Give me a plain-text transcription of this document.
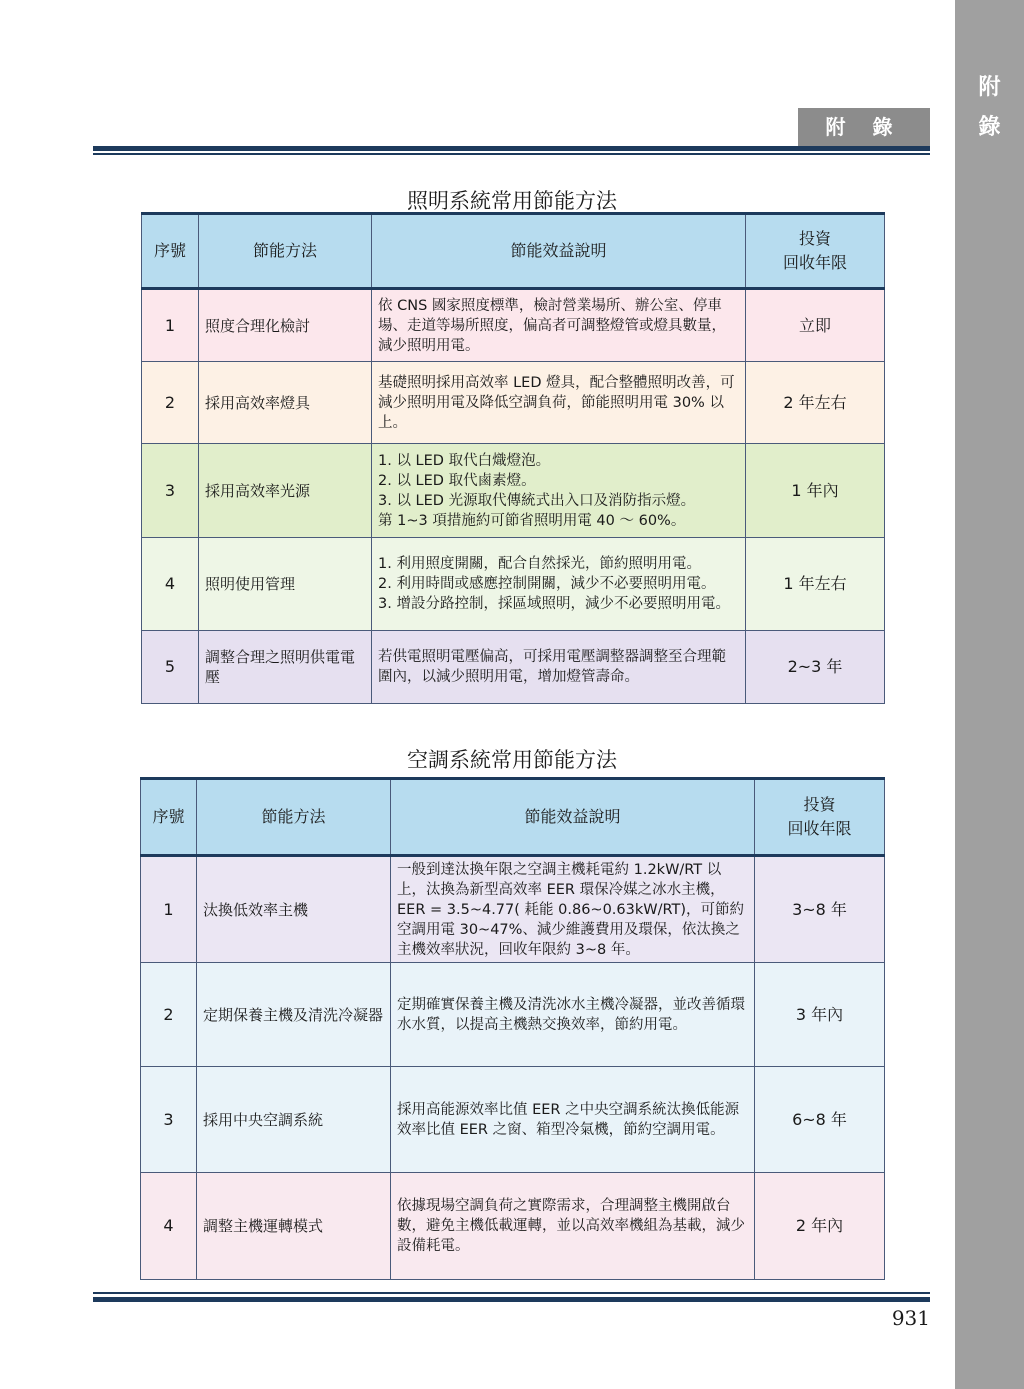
附
錄
附 錄
照明系統常用節能方法
序號	節能方法	節能效益說明	投資
回收年限
1	照度合理化檢討	依 CNS 國家照度標準，檢討營業場所、辦公室、停車場、走道等場所照度，偏高者可調整燈管或燈具數量，減少照明用電。	立即
2	採用高效率燈具	基礎照明採用高效率 LED 燈具，配合整體照明改善，可減少照明用電及降低空調負荷，節能照明用電 30% 以上。	2 年左右
3	採用高效率光源	1. 以 LED 取代白熾燈泡。
2. 以 LED 取代鹵素燈。
3. 以 LED 光源取代傳統式出入口及消防指示燈。
第 1~3 項措施約可節省照明用電 40 ～ 60%。	1 年內
4	照明使用管理	1. 利用照度開關，配合自然採光，節約照明用電。
2. 利用時間或感應控制開關，減少不必要照明用電。
3. 增設分路控制，採區域照明，減少不必要照明用電。	1 年左右
5	調整合理之照明供電電壓	若供電照明電壓偏高，可採用電壓調整器調整至合理範圍內，以減少照明用電，增加燈管壽命。	2~3 年
空調系統常用節能方法
序號	節能方法	節能效益說明	投資
回收年限
1	汰換低效率主機	一般到達汰換年限之空調主機耗電約 1.2kW/RT 以上，汰換為新型高效率 EER 環保冷媒之冰水主機，EER = 3.5~4.77( 耗能 0.86~0.63kW/RT)，可節約空調用電 30~47%、減少維護費用及環保，依汰換之主機效率狀況，回收年限約 3~8 年。	3~8 年
2	定期保養主機及清洗冷凝器	定期確實保養主機及清洗冰水主機冷凝器，並改善循環水水質，以提高主機熱交換效率，節約用電。	3 年內
3	採用中央空調系統	採用高能源效率比值 EER 之中央空調系統汰換低能源效率比值 EER 之窗、箱型冷氣機，節約空調用電。	6~8 年
4	調整主機運轉模式	依據現場空調負荷之實際需求，合理調整主機開啟台數，避免主機低載運轉，並以高效率機組為基載，減少設備耗電。	2 年內
931
